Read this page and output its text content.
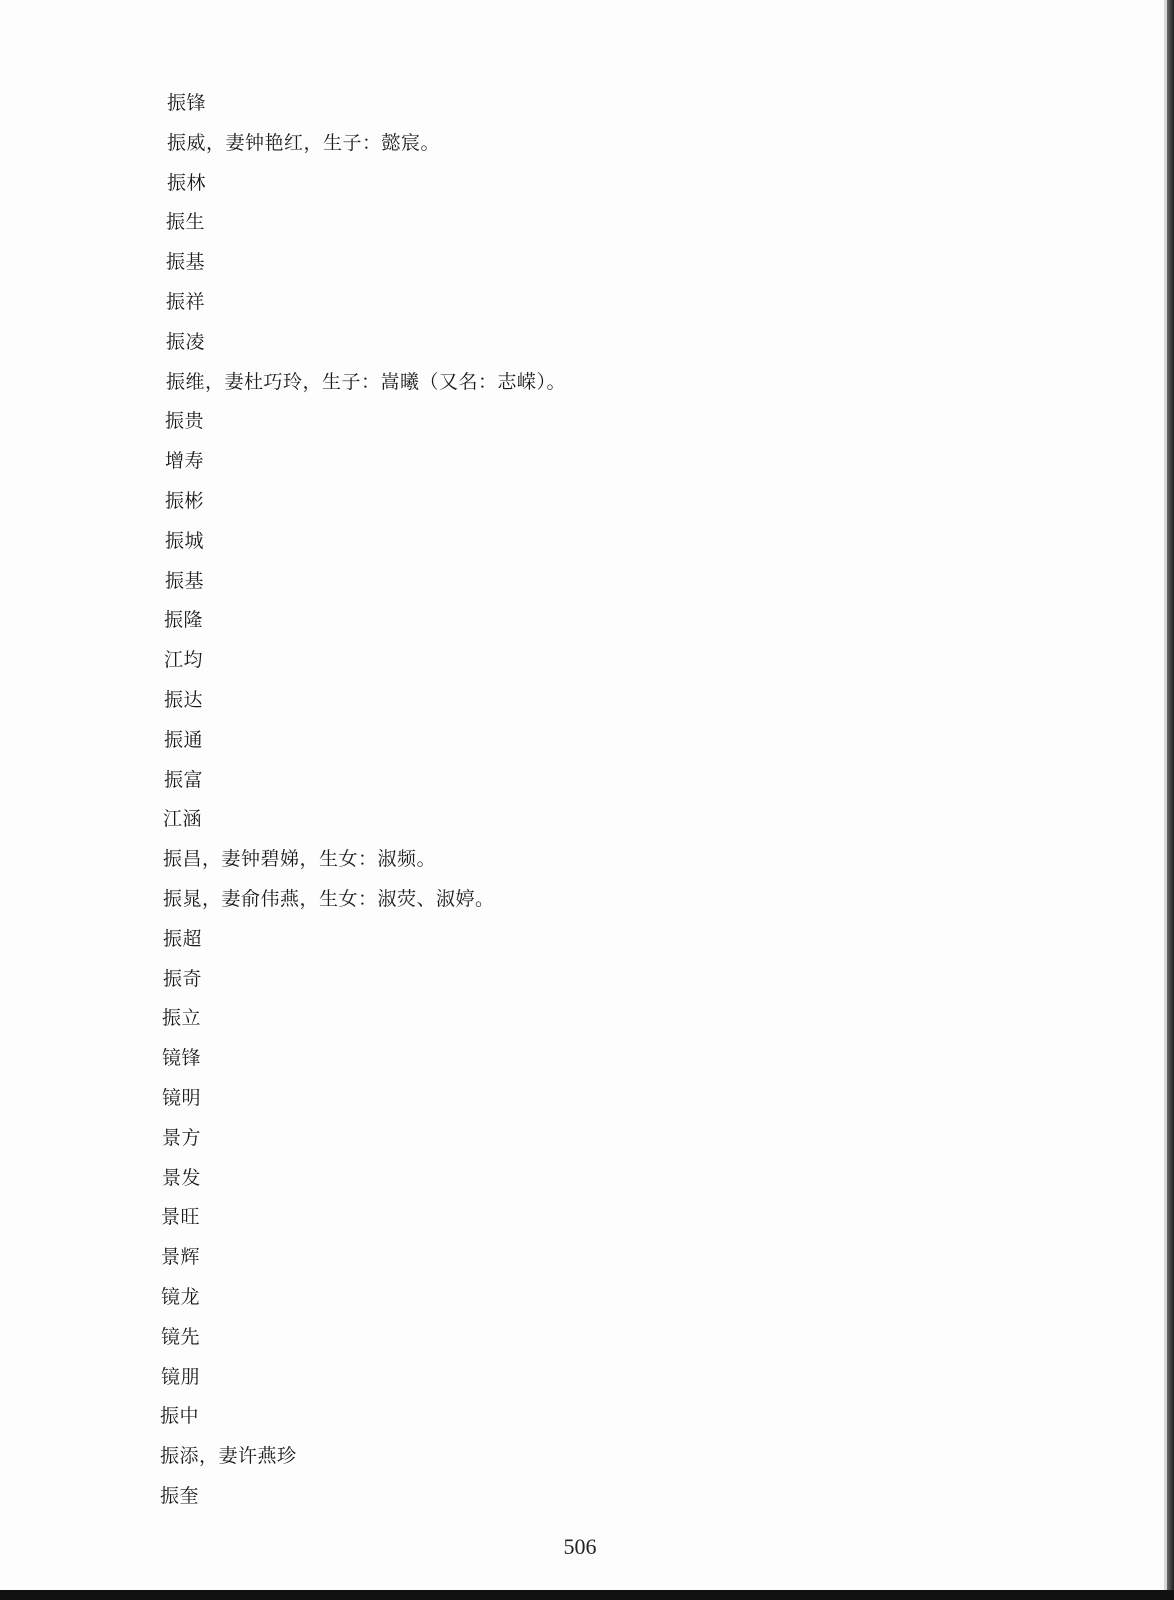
振锋
振威，妻钟艳红，生子：懿宸。
振林
振生
振基
振祥
振凌
振维，妻杜巧玲，生子：嵩曦（又名：志嵘）。
振贵
增寿
振彬
振城
振基
振隆
江均
振达
振通
振富
江涵
振昌，妻钟碧娣，生女：淑频。
振晁，妻俞伟燕，生女：淑荧、淑婷。
振超
振奇
振立
镜锋
镜明
景方
景发
景旺
景辉
镜龙
镜先
镜朋
振中
振添，妻许燕珍
振奎
506
